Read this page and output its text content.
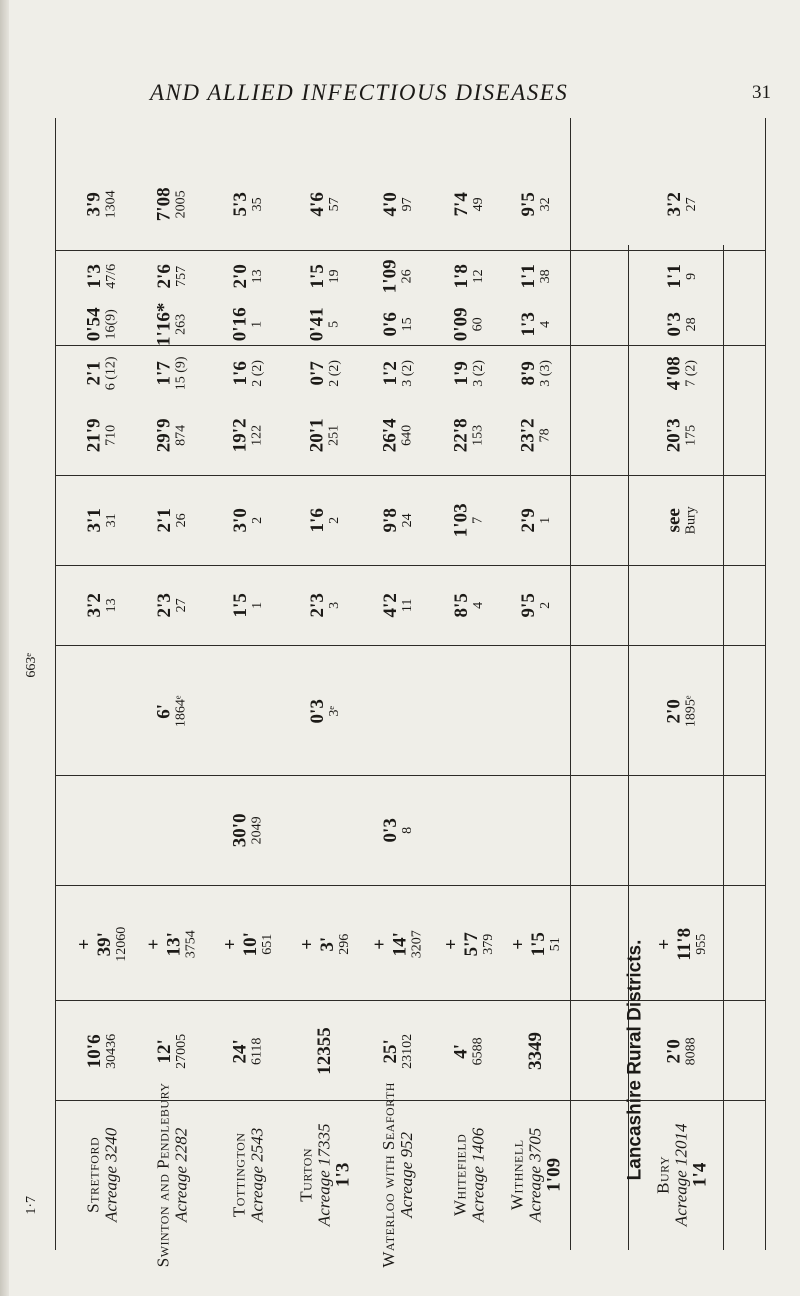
AND ALLIED INFECTIOUS DISEASES	31
1·7
663ᵉ
Lancashire Rural Districts.
Stretford
Acreage 3240
10'6
30436
+
39'
12060
3'2
13
3'1
31
21'9
710
2'1
6 (12)
0'54
16(9)
1'3
47/6
3'9
1304
Swinton and Pendlebury
Acreage 2282
12'
27005
+
13'
3754
6'
1864ᵉ
2'3
27
2'1
26
29'9
874
1'7
15 (9)
1'16*
263
2'6
757
7'08
2005
Tottington
Acreage 2543
24'
6118
+
10'
651
30'0
2049
1'5
1
3'0
2
19'2
122
1'6
2 (2)
0'16
1
2'0
13
5'3
35
Turton
Acreage 17335
1'3
12355
+
3'
296
0'3
3ᵉ
2'3
3
1'6
2
20'1
251
0'7
2 (2)
0'41
5
1'5
19
4'6
57
Waterloo with Seaforth
Acreage 952
25'
23102
+
14'
3207
0'3
8
4'2
11
9'8
24
26'4
640
1'2
3 (2)
0'6
15
1'09
26
4'0
97
Whitefield
Acreage 1406
4'
6588
+
5'7
379
8'5
4
1'03
7
22'8
153
1'9
3 (2)
0'09
60
1'8
12
7'4
49
Withnell
Acreage 3705
1'09
3349
+
1'5
51
9'5
2
2'9
1
23'2
78
8'9
3 (3)
1'3
4
1'1
38
9'5
32
Bury
Acreage 12014
1'4
2'0
8088
+
11'8
955
2'0
1895ᵉ
see
Bury
20'3
175
4'08
7 (2)
0'3
28
1'1
9
3'2
27
